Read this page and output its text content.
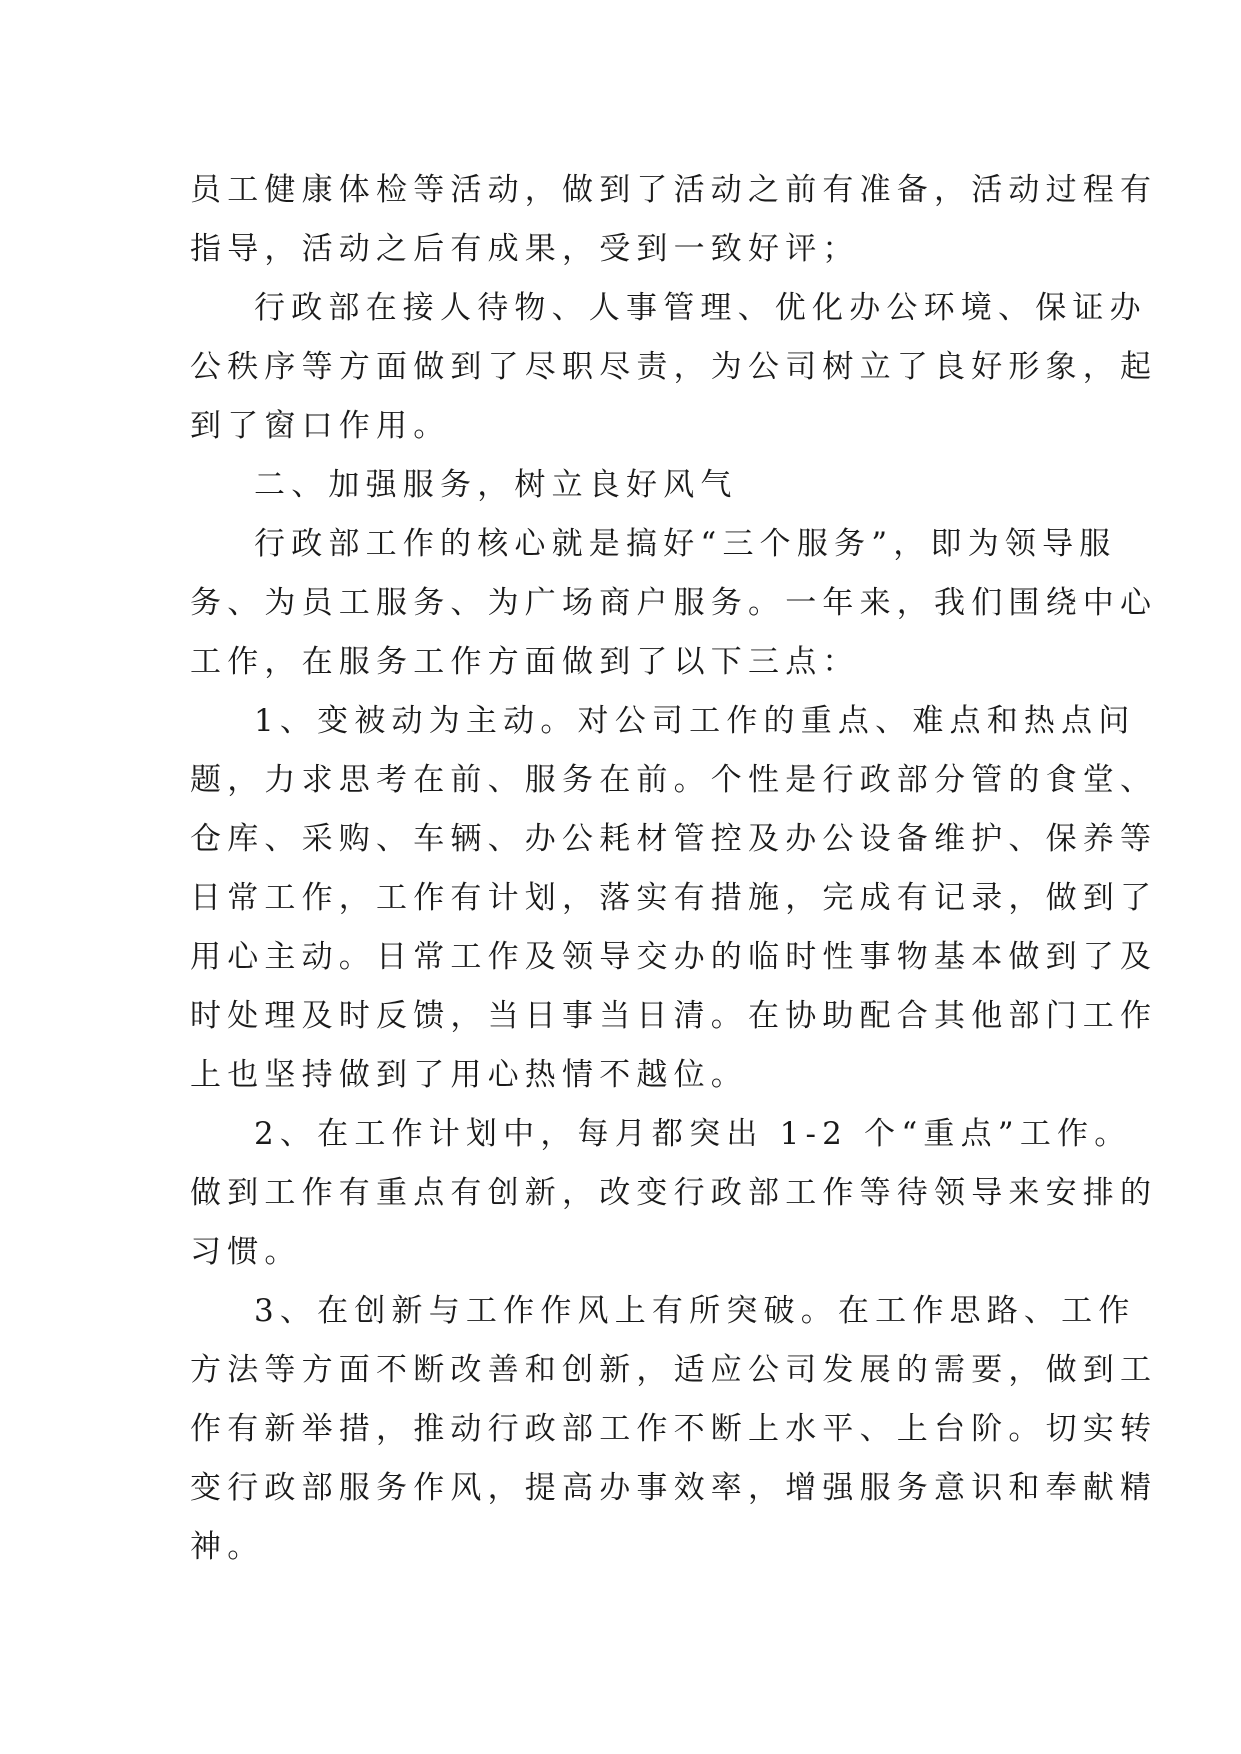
员工健康体检等活动，做到了活动之前有准备，活动过程有
指导，活动之后有成果，受到一致好评；
行政部在接人待物、人事管理、优化办公环境、保证办
公秩序等方面做到了尽职尽责，为公司树立了良好形象，起
到了窗口作用。
二、加强服务，树立良好风气
行政部工作的核心就是搞好“三个服务”，即为领导服
务、为员工服务、为广场商户服务。一年来，我们围绕中心
工作，在服务工作方面做到了以下三点：
1、变被动为主动。对公司工作的重点、难点和热点问
题，力求思考在前、服务在前。个性是行政部分管的食堂、
仓库、采购、车辆、办公耗材管控及办公设备维护、保养等
日常工作，工作有计划，落实有措施，完成有记录，做到了
用心主动。日常工作及领导交办的临时性事物基本做到了及
时处理及时反馈，当日事当日清。在协助配合其他部门工作
上也坚持做到了用心热情不越位。
2、在工作计划中，每月都突出 1-2 个“重点”工作。
做到工作有重点有创新，改变行政部工作等待领导来安排的
习惯。
3、在创新与工作作风上有所突破。在工作思路、工作
方法等方面不断改善和创新，适应公司发展的需要，做到工
作有新举措，推动行政部工作不断上水平、上台阶。切实转
变行政部服务作风，提高办事效率，增强服务意识和奉献精
神。
